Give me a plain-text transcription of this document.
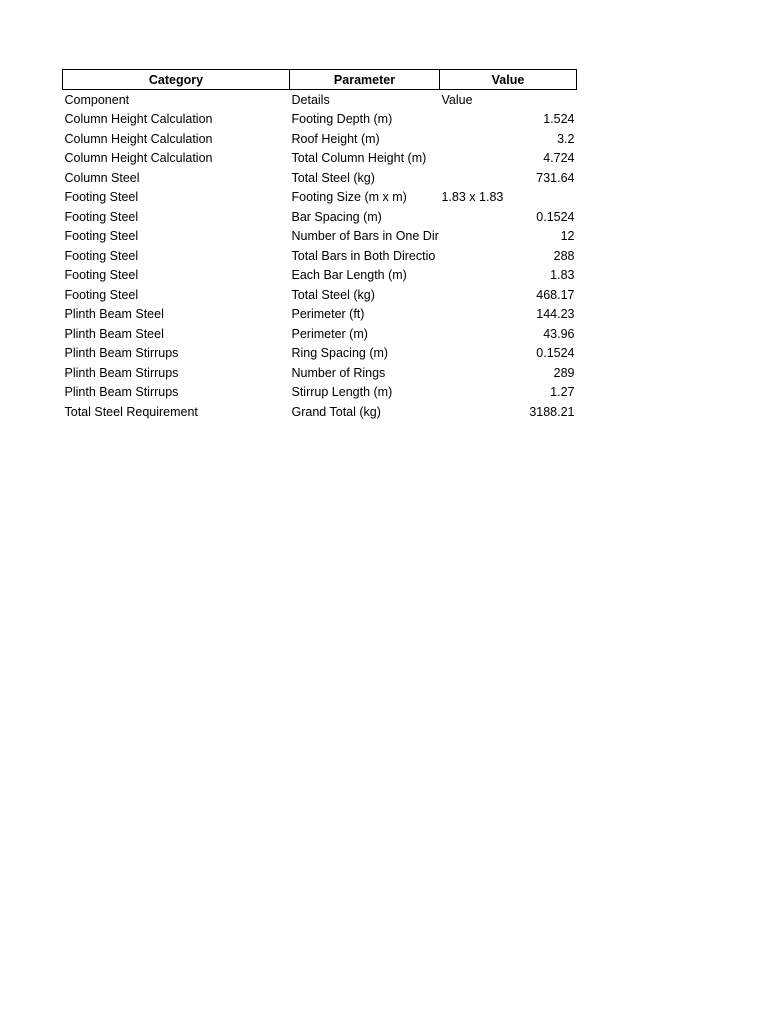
Category	Parameter	Value
Component	Details	Value
Column Height Calculation	Footing Depth (m)	1.524
Column Height Calculation	Roof Height (m)	3.2
Column Height Calculation	Total Column Height (m)	4.724
Column Steel	Total Steel (kg)	731.64
Footing Steel	Footing Size (m x m)	1.83 x 1.83
Footing Steel	Bar Spacing (m)	0.1524
Footing Steel	Number of Bars in One Dir	12
Footing Steel	Total Bars in Both Directio	288
Footing Steel	Each Bar Length (m)	1.83
Footing Steel	Total Steel (kg)	468.17
Plinth Beam Steel	Perimeter (ft)	144.23
Plinth Beam Steel	Perimeter (m)	43.96
Plinth Beam Stirrups	Ring Spacing (m)	0.1524
Plinth Beam Stirrups	Number of Rings	289
Plinth Beam Stirrups	Stirrup Length (m)	1.27
Total Steel Requirement	Grand Total (kg)	3188.21
